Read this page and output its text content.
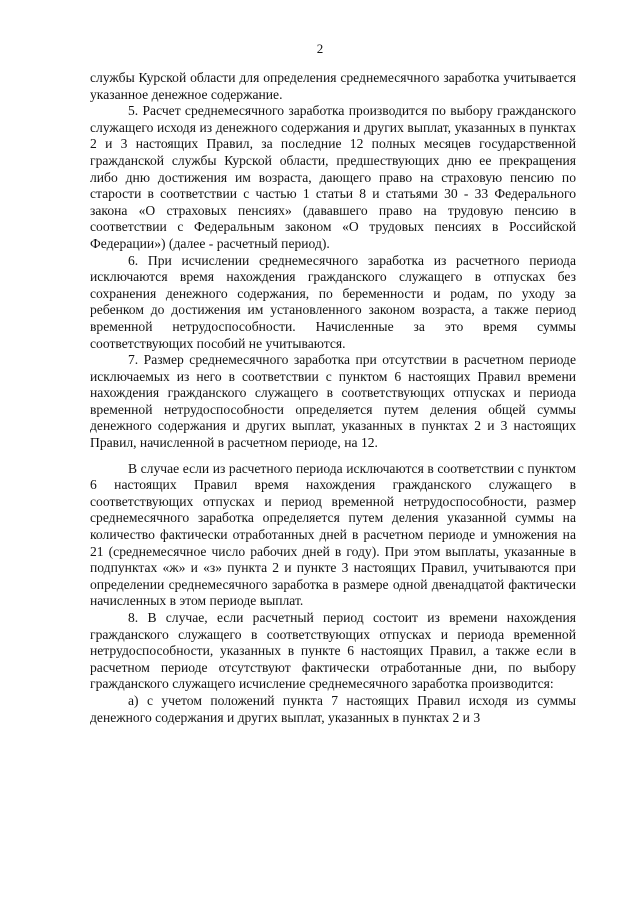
2

службы Курской области для определения среднемесячного заработка учитывается указанное денежное содержание.

5. Расчет среднемесячного заработка производится по выбору гражданского служащего исходя из денежного содержания и других выплат, указанных в пунктах 2 и 3 настоящих Правил, за последние 12 полных месяцев государственной гражданской службы Курской области, предшествующих дню ее прекращения либо дню достижения им возраста, дающего право на страховую пенсию по старости в соответствии с частью 1 статьи 8 и статьями 30 - 33 Федерального закона «О страховых пенсиях» (дававшего право на трудовую пенсию в соответствии с Федеральным законом «О трудовых пенсиях в Российской Федерации») (далее - расчетный период).

6. При исчислении среднемесячного заработка из расчетного периода исключаются время нахождения гражданского служащего в отпусках без сохранения денежного содержания, по беременности и родам, по уходу за ребенком до достижения им установленного законом возраста, а также период временной нетрудоспособности. Начисленные за это время суммы соответствующих пособий не учитываются.

7. Размер среднемесячного заработка при отсутствии в расчетном периоде исключаемых из него в соответствии с пунктом 6 настоящих Правил времени нахождения гражданского служащего в соответствующих отпусках и периода временной нетрудоспособности определяется путем деления общей суммы денежного содержания и других выплат, указанных в пунктах 2 и 3 настоящих Правил, начисленной в расчетном периоде, на 12.

В случае если из расчетного периода исключаются в соответствии с пунктом 6 настоящих Правил время нахождения гражданского служащего в соответствующих отпусках и период временной нетрудоспособности, размер среднемесячного заработка определяется путем деления указанной суммы на количество фактически отработанных дней в расчетном периоде и умножения на 21 (среднемесячное число рабочих дней в году). При этом выплаты, указанные в подпунктах «ж» и «з» пункта 2 и пункте 3 настоящих Правил, учитываются при определении среднемесячного заработка в размере одной двенадцатой фактически начисленных в этом периоде выплат.

8. В случае, если расчетный период состоит из времени нахождения гражданского служащего в соответствующих отпусках и периода временной нетрудоспособности, указанных в пункте 6 настоящих Правил, а также если в расчетном периоде отсутствуют фактически отработанные дни, по выбору гражданского служащего исчисление среднемесячного заработка производится:

а) с учетом положений пункта 7 настоящих Правил исходя из суммы денежного содержания и других выплат, указанных в пунктах 2 и 3
